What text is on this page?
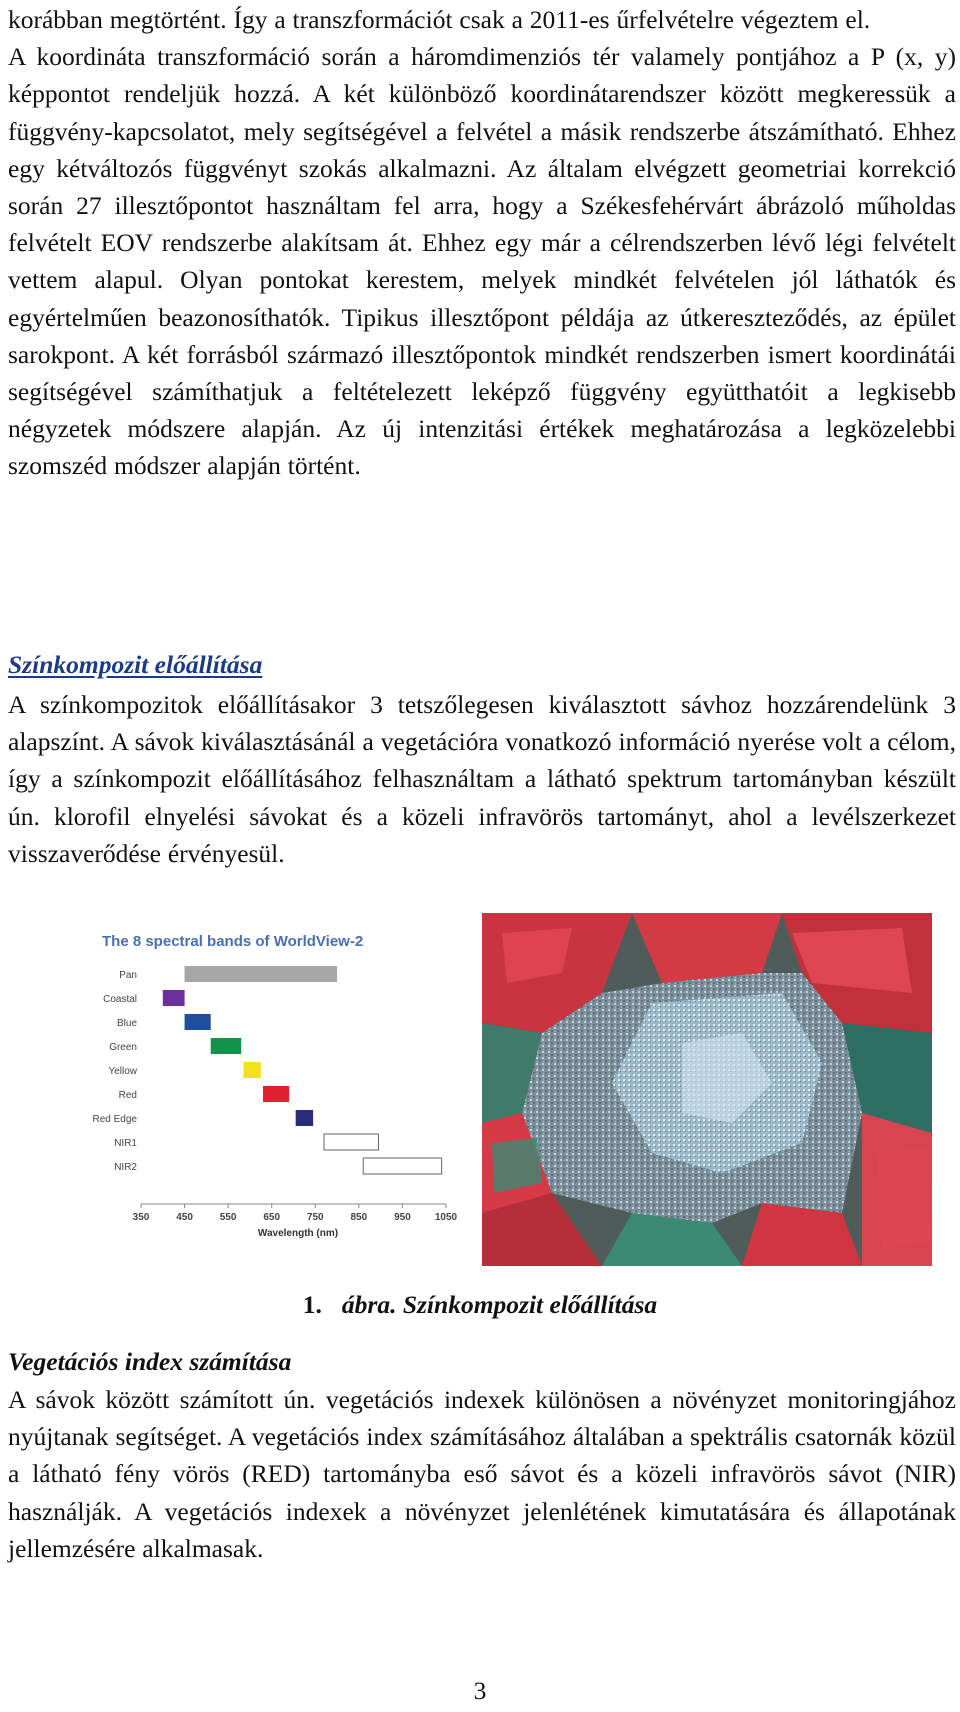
korábban megtörtént. Így a transzformációt csak a 2011-es űrfelvételre végeztem el.

A koordináta transzformáció során a háromdimenziós tér valamely pontjához a P (x, y) képpontot rendeljük hozzá. A két különböző koordinátarendszer között megkeressük a függvény-kapcsolatot, mely segítségével a felvétel a másik rendszerbe átszámítható. Ehhez egy kétváltozós függvényt szokás alkalmazni. Az általam elvégzett geometriai korrekció során 27 illesztőpontot használtam fel arra, hogy a Székesfehérvárt ábrázoló műholdas felvételt EOV rendszerbe alakítsam át. Ehhez egy már a célrendszerben lévő légi felvételt vettem alapul. Olyan pontokat kerestem, melyek mindkét felvételen jól láthatók és egyértelműen beazonosíthatók. Tipikus illesztőpont példája az útkereszteződés, az épület sarokpont. A két forrásból származó illesztőpontok mindkét rendszerben ismert koordinátái segítségével számíthatjuk a feltételezett leképző függvény együtthatóit a legkisebb négyzetek módszere alapján. Az új intenzitási értékek meghatározása a legközelebbi szomszéd módszer alapján történt.

Színkompozit előállítása

A színkompozitok előállításakor 3 tetszőlegesen kiválasztott sávhoz hozzárendelünk 3 alapszínt. A sávok kiválasztásánál a vegetációra vonatkozó információ nyerése volt a célom, így a színkompozit előállításához felhasználtam a látható spektrum tartományban készült ún. klorofil elnyelési sávokat és a közeli infravörös tartományt, ahol a levélszerkezet visszaverődése érvényesül.

The 8 spectral bands of WorldView-2
Pan
Coastal
Blue
Green
Yellow
Red
Red Edge
NIR1
NIR2
350	450	550	650	750	850	950 1050
Wavelength (nm)
1. ábra. Színkompozit előállítása
Vegetációs index számítása

A sávok között számított ún. vegetációs indexek különösen a növényzet monitoringjához nyújtanak segítséget. A vegetációs index számításához általában a spektrális csatornák közül a látható fény vörös (RED) tartományba eső sávot és a közeli infravörös sávot (NIR) használják. A vegetációs indexek a növényzet jelenlétének kimutatására és állapotának jellemzésére alkalmasak.

3
